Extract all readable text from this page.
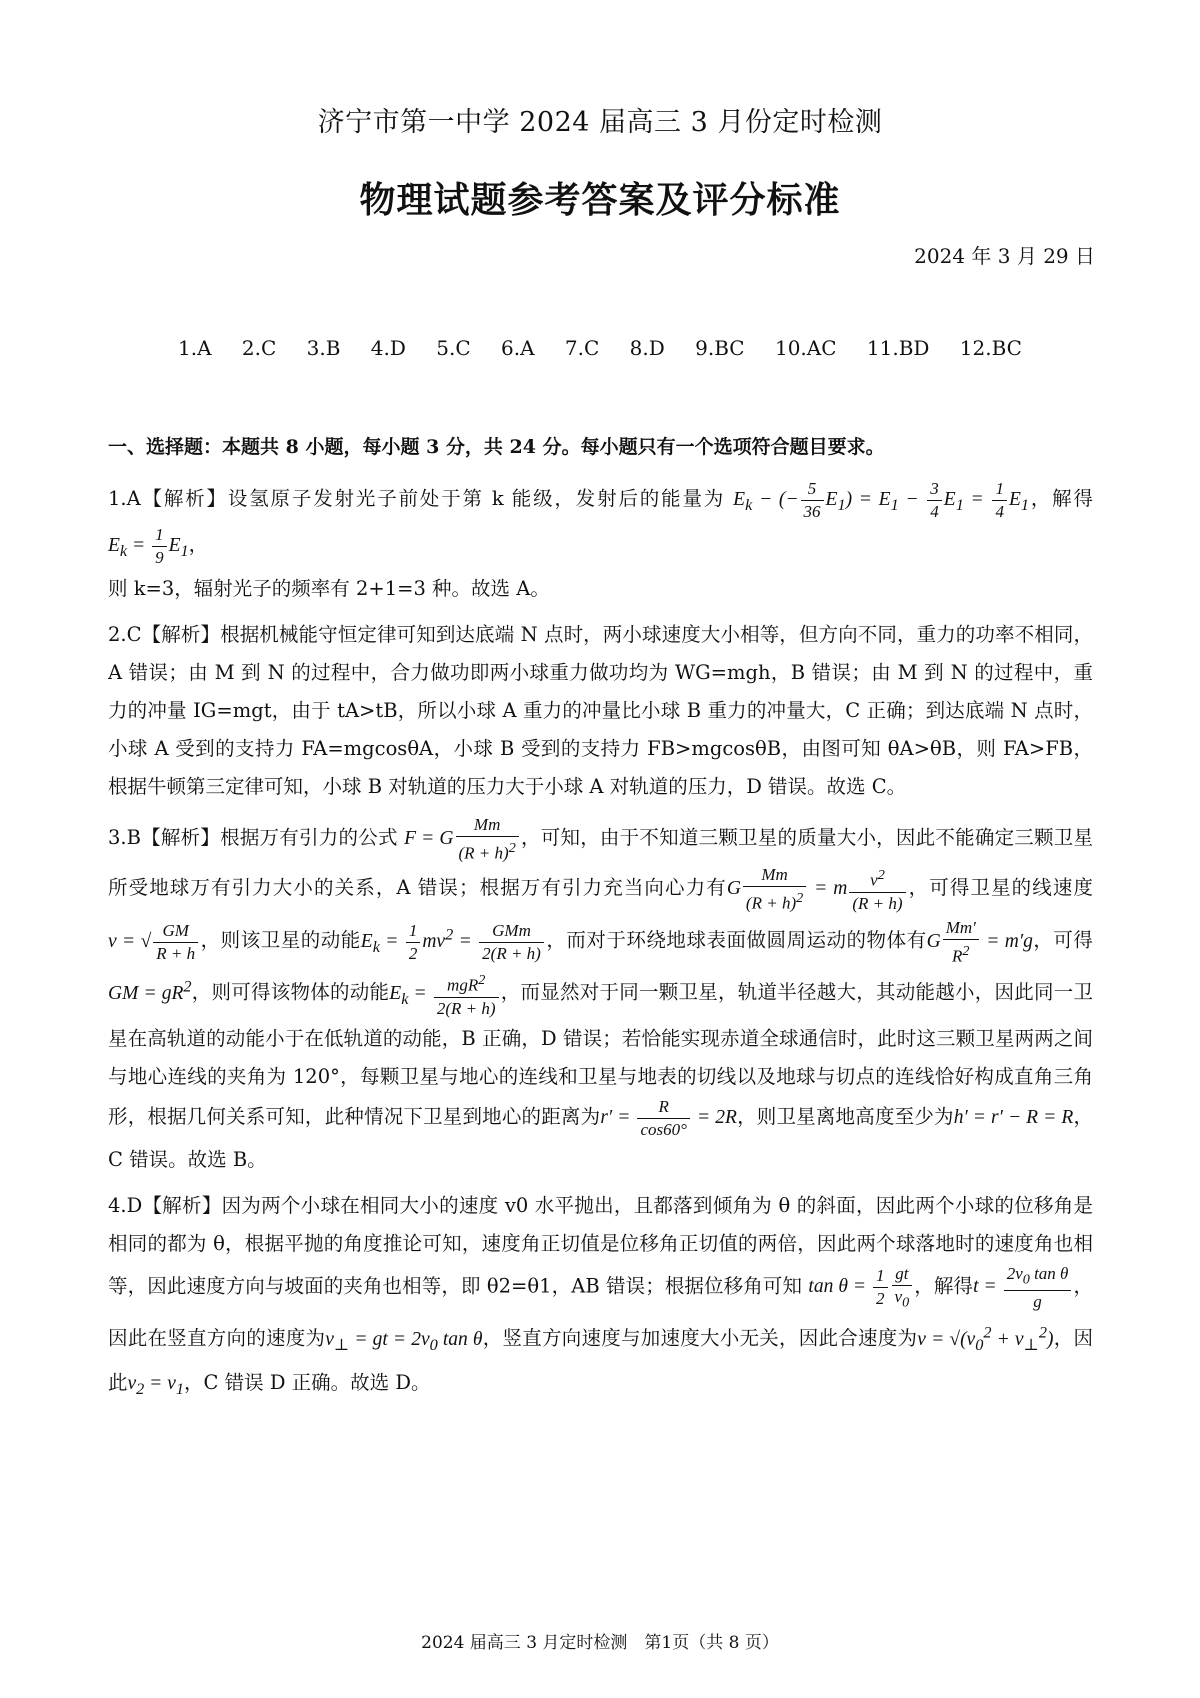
济宁市第一中学 2024 届高三 3 月份定时检测
物理试题参考答案及评分标准
2024 年 3 月 29 日
1.A 2.C 3.B 4.D 5.C 6.A 7.C 8.D 9.BC 10.AC 11.BD 12.BC
一、选择题：本题共 8 小题，每小题 3 分，共 24 分。每小题只有一个选项符合题目要求。

1.A【解析】设氢原子发射光子前处于第 k 能级，发射后的能量为 $E_k$ − (− $\frac{5}{36} E_1) = E_1 - \frac{3}{4} E_1 = \frac{1}{4} E_1$，解得$E_k = \frac{1}{9} E_1$，

则 k=3，辐射光子的频率有 2+1=3 种。故选 A。

2.C【解析】根据机械能守恒定律可知到达底端 N 点时，两小球速度大小相等，但方向不同，重力的功率不相同，A 错误；由 M 到 N 的过程中，合力做功即两小球重力做功均为 WG=mgh，B 错误；由 M 到 N 的过程中，重力的冲量 IG=mgt，由于 tA>tB，所以小球 A 重力的冲量比小球 B 重力的冲量大，C 正确；到达底端 N 点时，小球 A 受到的支持力 FA=mgcosθA，小球 B 受到的支持力 FB>mgcosθB，由图可知 θA>θB，则 FA>FB，根据牛顿第三定律可知，小球 B 对轨道的压力大于小球 A 对轨道的压力，D 错误。故选 C。

3.B【解析】根据万有引力的公式 F = G $\frac{Mm}{(R + h)^2}$ ，可知，由于不知道三颗卫星的质量大小，因此不能确定三颗卫星所受地球万有引力大小的关系，A 错误；根据万有引力充当向心力有G $\frac{Mm}{(R + h)^2} = m \frac{v^2}{(R + h)}$ ，可得卫星的线速度v = √ $\frac{GM}{R + h}$ ，则该卫星的动能$E_k = \frac{1}{2} mv^2 = \frac{\text{GMm}}{2(R + h)}$ ，而对于环绕地球表面做圆周运动的物体有G $\frac{Mm'}{R^2} = m'g$，可得GM = $gR^2$，则可得该物体的动能$E_k = \frac{mgR^2}{2(R + h)}$ ，而显然对于同一颗卫星，轨道半径越大，其动能越小，因此同一卫星在高轨道的动能小于在低轨道的动能，B 正确，D 错误；若恰能实现赤道全球通信时，此时这三颗卫星两两之间与地心连线的夹角为 120°，每颗卫星与地心的连线和卫星与地表的切线以及地球与切点的连线恰好构成直角三角形，根据几何关系可知，此种情况下卫星到地心的距离为$r' = \frac{R}{\cos 60^\circ} = 2R$，则卫星离地高度至少为h′ = r′ − R = R，C 错误。故选 B。

4.D【解析】因为两个小球在相同大小的速度 v0 水平抛出，且都落到倾角为 θ 的斜面，因此两个小球的位移角是相同的都为 θ，根据平抛的角度推论可知，速度角正切值是位移角正切值的两倍，因此两个球落地时的速度角也相等，因此速度方向与坡面的夹角也相等，即 θ2=θ1，AB 错误；根据位移角可知 $\tan \theta = \frac{1}{2} \frac{gt}{v_0}$ ，解得$t = \frac{2v_0 \tan \theta}{g}$ ，因此在竖直方向的速度为$v_\perp$ = gt = $2v_0$ tan θ，竖直方向速度与加速度大小无关，因此合速度为$v = √(v_0^2 + v_\perp^2)$，因此$v_2 = v_1$，C 错误 D 正确。故选 D。

2024 届高三 3 月定时检测　第1页（共 8 页）
